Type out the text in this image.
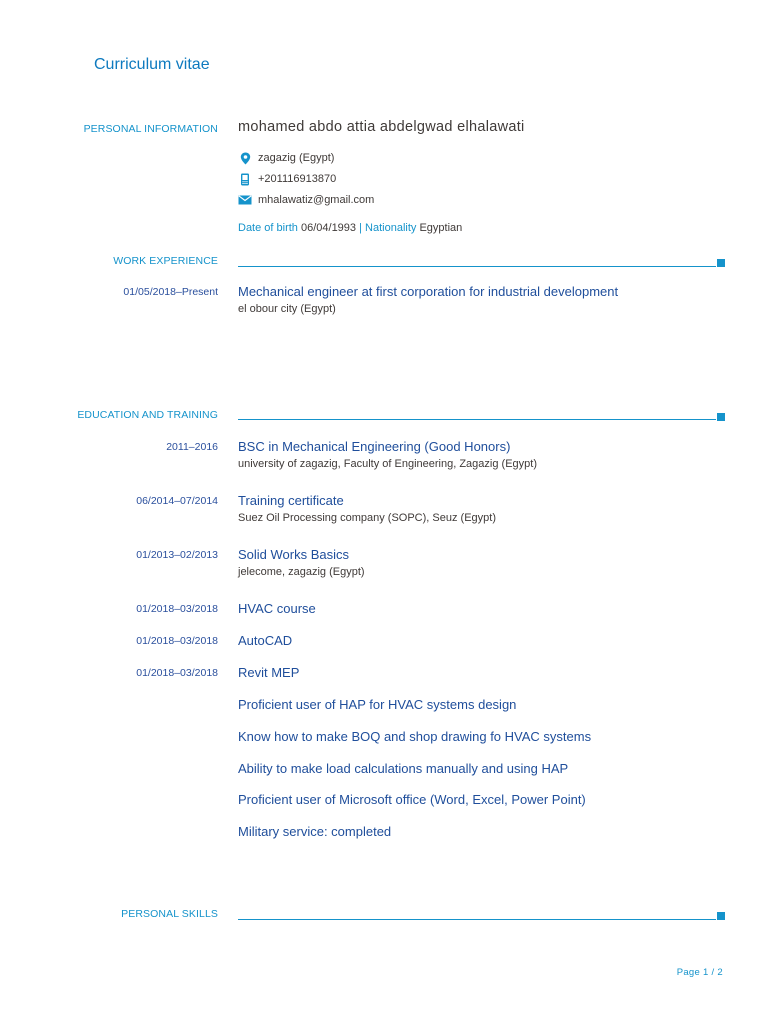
Curriculum vitae
PERSONAL INFORMATION mohamed abdo attia abdelgwad elhalawati
zagazig (Egypt)
+201116913870
mhalawatiz@gmail.com
Date of birth 06/04/1993 | Nationality Egyptian
WORK EXPERIENCE
01/05/2018–Present Mechanical engineer at first corporation for industrial development
el obour city (Egypt)
EDUCATION AND TRAINING
2011–2016 BSC in Mechanical Engineering (Good Honors)
university of zagazig, Faculty of Engineering, Zagazig (Egypt)
06/2014–07/2014 Training certificate
Suez Oil Processing company (SOPC), Seuz (Egypt)
01/2013–02/2013 Solid Works Basics
jelecome, zagazig (Egypt)
01/2018–03/2018 HVAC course
01/2018–03/2018 AutoCAD
01/2018–03/2018 Revit MEP
Proficient user of HAP for HVAC systems design
Know how to make BOQ and shop drawing fo HVAC systems
Ability to make load calculations manually and using HAP
Proficient user of Microsoft office (Word, Excel, Power Point)
Military service: completed
PERSONAL SKILLS
Page 1 / 2
